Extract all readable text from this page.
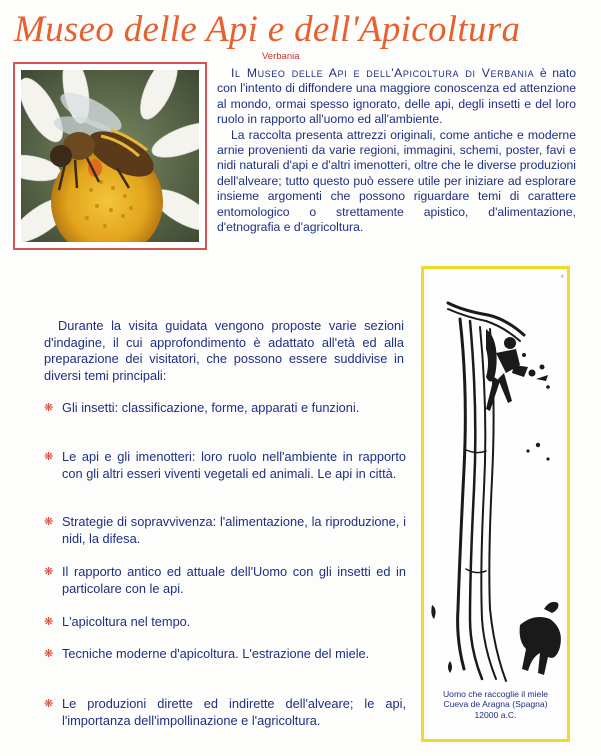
Museo delle Api e dell'Apicoltura
Verbania

Il Museo delle Api e dell'Apicoltura di Verbania è nato con l'intento di diffondere una maggiore conoscenza ed attenzione al mondo, ormai spesso ignorato, delle api, degli insetti e del loro ruolo in rapporto all'uomo ed all'ambiente.

La raccolta presenta attrezzi originali, come antiche e moderne arnie provenienti da varie regioni, immagini, schemi, poster, favi e nidi naturali d'api e d'altri imenotteri, oltre che le diverse produzioni dell'alveare; tutto questo può essere utile per iniziare ad esplorare insieme argomenti che possono riguardare temi di carattere entomologico o strettamente apistico, d'alimentazione, d'etnografia e d'agricoltura.

Durante la visita guidata vengono proposte varie sezioni d'indagine, il cui approfondimento è adattato all'età ed alla preparazione dei visitatori, che possono essere suddivise in diversi temi principali:
❋ Gli insetti: classificazione, forme, apparati e funzioni.
❋ Le api e gli imenotteri: loro ruolo nell'ambiente in rapporto con gli altri esseri viventi vegetali ed animali. Le api in città.
❋ Strategie di sopravvivenza: l'alimentazione, la riproduzione, i nidi, la difesa.
❋ Il rapporto antico ed attuale dell'Uomo con gli insetti ed in particolare con le api.
❋ L'apicoltura nel tempo.
❋ Tecniche moderne d'apicoltura. L'estrazione del miele.
❋ Le produzioni dirette ed indirette dell'alveare; le api, l'importanza dell'impollinazione e l'agricoltura.
*
Uomo che raccoglie il miele
Cueva de Aragna (Spagna)
12000 a.C.
